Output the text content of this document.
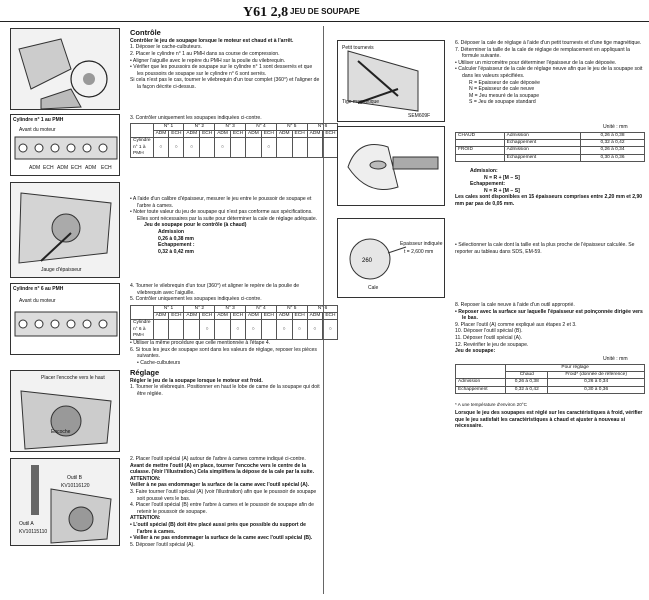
Y61 2,8 JEU DE SOUPAPE
Cylindre n° 1 au PMH
Avant du moteur
ADM ECH ADM ECH ADM ECH
Jauge d'épaisseur
Cylindre n° 6 au PMH
Avant du moteur
Placer l'encoche vers le haut
Encoche
Outil B
KV10116120
Outil A
KV10115110
Contrôle
Contrôler le jeu de soupape lorsque le moteur est chaud et à l'arrêt.
1. Déposer le cache-culbuteurs.
2. Placer le cylindre n° 1 au PMH dans sa course de compression.
• Aligner l'aiguille avec le repère du PMH sur la poulie du vilebrequin.
• Vérifier que les poussoirs de soupape sur le cylindre n° 1 sont desserrés et que les poussoirs de soupape sur le cylindre n° 6 sont serrés.
Si cela n'est pas le cas, tourner le vilebrequin d'un tour complet (360°) et l'aligner de la façon décrite ci-dessus.
3. Contrôler uniquement les soupapes indiquées ci-contre.
	N° 1		N° 2		N° 3		N° 4		N° 5		N° 6	
	ADM	ECH	ADM	ECH	ADM	ECH	ADM	ECH	ADM	ECH	ADM	ECH
Cylindre n° 1 à PMH	○	○	○		○			○				
• A l'aide d'un calibre d'épaisseur, mesurer le jeu entre le poussoir de soupape et l'arbre à cames.
• Noter toute valeur du jeu de soupape qui n'est pas conforme aux spécifications. Elles sont nécessaires par la suite pour déterminer la cale de réglage adéquate.
Jeu de soupape pour le contrôle (à chaud)
Admission
0,26 à 0,38 mm
Echappement :
0,32 à 0,42 mm
4. Tourner le vilebrequin d'un tour (360°) et aligner le repère de la poulie de vilebrequin avec l'aiguille.
5. Contrôler uniquement les soupapes indiquées ci-contre.
	N° 1		N° 2		N° 3		N° 4		N° 5		N° 6	
	ADM	ECH	ADM	ECH	ADM	ECH	ADM	ECH	ADM	ECH	ADM	ECH
Cylindre n° 6 à PMH				○		○	○		○	○	○	○
• Utiliser la même procédure que celle mentionnée à l'étape 4.
6. Si tous les jeux de soupape sont dans les valeurs de réglage, reposer les pièces suivantes.
• Cache-culbuteurs
Réglage
Régler le jeu de la soupape lorsque le moteur est froid.
1. Tourner le vilebrequin. Positionner en haut le lobe de came de la soupape qui doit être réglée.
2. Placer l'outil spécial (A) autour de l'arbre à cames comme indiqué ci-contre.
Avant de mettre l'outil (A) en place, tourner l'encoche vers le centre de la culasse. (Voir l'illustration.) Cela simplifiera la dépose de la cale par la suite.
ATTENTION:
Veiller à ne pas endommager la surface de la came avec l'outil spécial (A).
3. Faire tourner l'outil spécial (A) (voir l'illustration) afin que le poussoir de soupape soit poussé vers le bas.
4. Placer l'outil spécial (B) entre l'arbre à cames et le poussoir de soupape afin de retenir le poussoir de soupape.
ATTENTION:
• L'outil spécial (B) doit être placé aussi près que possible du support de l'arbre à cames.
• Veiller à ne pas endommager la surface de la came avec l'outil spécial (B).
5. Déposer l'outil spécial (A).
Petit tournevis
Tige magnétique
SEM609F
260
Epaisseur indiquée
t = 2,600 mm
Cale
6. Déposer la cale de réglage à l'aide d'un petit tournevis et d'une tige magnétique.
7. Déterminer la taille de la cale de réglage de remplacement en appliquant la formule suivante.
• Utiliser un micromètre pour déterminer l'épaisseur de la cale déposée.
• Calculer l'épaisseur de la cale de réglage neuve afin que le jeu de la soupape soit dans les valeurs spécifiées.
R = Epaisseur de cale déposée
N = Epaisseur de cale neuve
M = Jeu mesuré de la soupape
S = Jeu de soupape standard
Unité : mm
CHAUD	Admission	0,26 à 0,38
	Echappement	0,32 à 0,42
FROID	Admission	0,26 à 0,34
	Echappement	0,30 à 0,36
Admission:
N = R + [M − S]
Echappement:
N = R + [M − S]
Les cales sont disponibles en 15 épaisseurs comprises entre 2,20 mm et 2,90 mm par pas de 0,05 mm.
• Sélectionner la cale dont la taille est la plus proche de l'épaisseur calculée. Se reporter au tableau dans SDS, EM-59.
8. Reposer la cale neuve à l'aide d'un outil approprié.
• Reposer avec la surface sur laquelle l'épaisseur est poinçonnée dirigée vers le bas.
9. Placer l'outil (A) comme expliqué aux étapes 2 et 3.
10. Déposer l'outil spécial (B).
11. Déposer l'outil spécial (A).
12. Revérifier le jeu de soupape.
Jeu de soupape:
Unité : mm
	Pour réglage	
	Chaud	Froid* (donnée de référence)
Admission	0,26 à 0,38	0,26 à 0,34
Echappement	0,32 à 0,42	0,30 à 0,36
* A une température d'environ 20°C
Lorsque le jeu des soupapes est réglé sur les caractéristiques à froid, vérifier que le jeu satisfait les caractéristiques à chaud et ajuster à nouveau si nécessaire.
